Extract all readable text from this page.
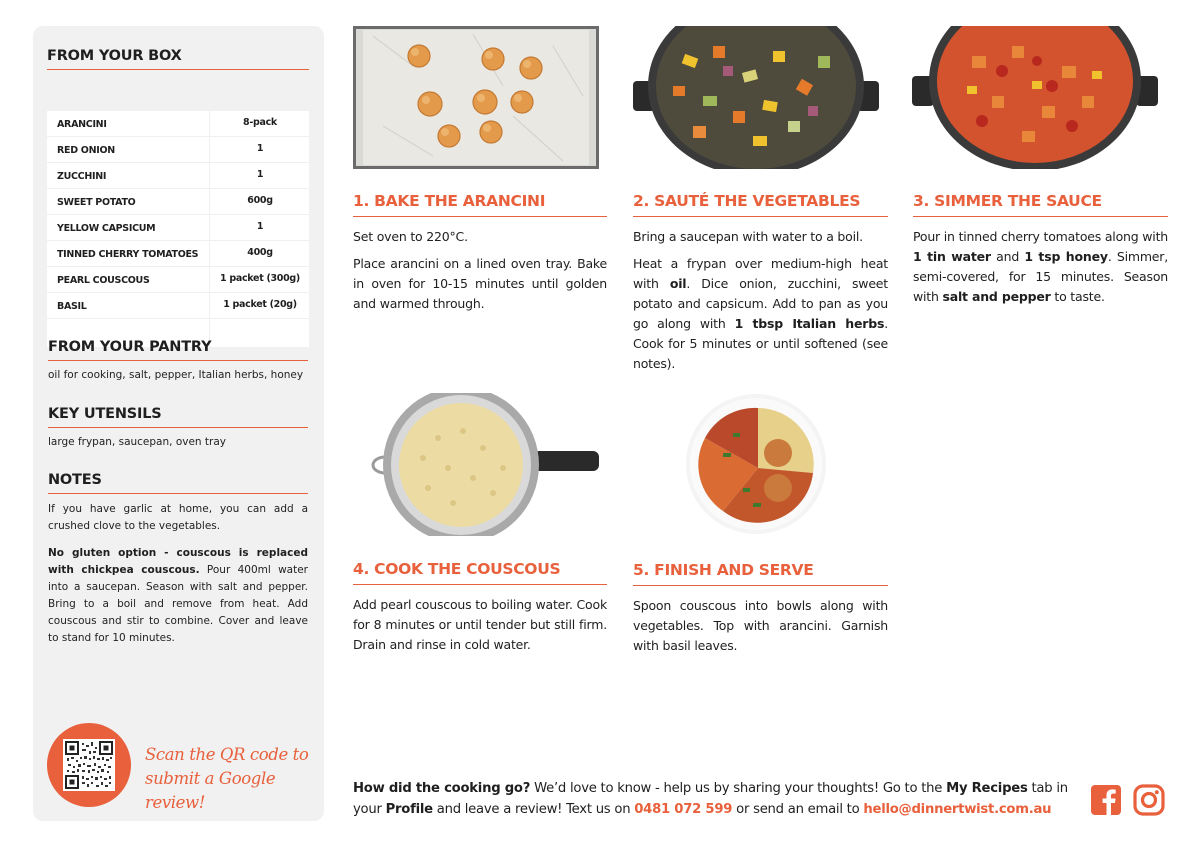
FROM YOUR BOX
ARANCINI	8-pack
RED ONION	1
ZUCCHINI	1
SWEET POTATO	600g
YELLOW CAPSICUM	1
TINNED CHERRY TOMATOES	400g
PEARL COUSCOUS	1 packet (300g)
BASIL	1 packet (20g)
FROM YOUR PANTRY
oil for cooking, salt, pepper, Italian herbs, honey
KEY UTENSILS
large frypan, saucepan, oven tray
NOTES

If you have garlic at home, you can add a crushed clove to the vegetables.

No gluten option - couscous is replaced with chickpea couscous. Pour 400ml water into a saucepan. Season with salt and pepper. Bring to a boil and remove from heat. Add couscous and stir to combine. Cover and leave to stand for 10 minutes.

Scan the QR code to
submit a Google review!
1. BAKE THE ARANCINI	2. SAUTÉ THE VEGETABLES	3. SIMMER THE SAUCE
4. COOK THE COUSCOUS	5. FINISH AND SERVE

Set oven to 220°C.

Place arancini on a lined oven tray. Bake in oven for 10-15 minutes until golden and warmed through.

Bring a saucepan with water to a boil.

Heat a frypan over medium-high heat with oil. Dice onion, zucchini, sweet potato and capsicum. Add to pan as you go along with 1 tbsp Italian herbs. Cook for 5 minutes or until softened (see notes).

Pour in tinned cherry tomatoes along with 1 tin water and 1 tsp honey. Simmer, semi-covered, for 15 minutes. Season with salt and pepper to taste.

Add pearl couscous to boiling water. Cook for 8 minutes or until tender but still firm. Drain and rinse in cold water.

Spoon couscous into bowls along with vegetables. Top with arancini. Garnish with basil leaves.

How did the cooking go? We’d love to know - help us by sharing your thoughts! Go to the My Recipes tab in your Profile and leave a review! Text us on 0481 072 599 or send an email to hello@dinnertwist.com.au
